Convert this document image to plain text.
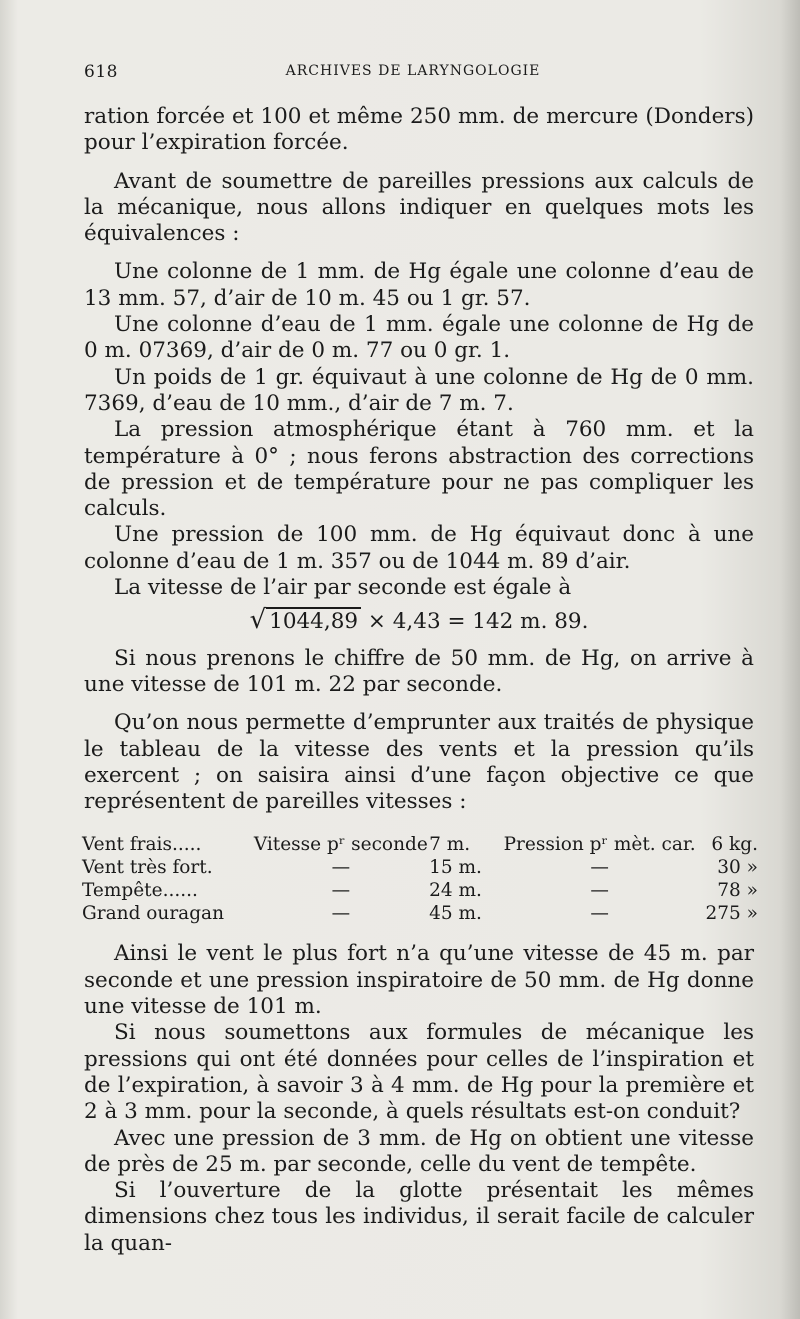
618	ARCHIVES DE LARYNGOLOGIE

ration forcée et 100 et même 250 mm. de mercure (Donders) pour l’expiration forcée.

Avant de soumettre de pareilles pressions aux calculs de la mécanique, nous allons indiquer en quelques mots les équivalences :

Une colonne de 1 mm. de Hg égale une colonne d’eau de 13 mm. 57, d’air de 10 m. 45 ou 1 gr. 57.

Une colonne d’eau de 1 mm. égale une colonne de Hg de 0 m. 07369, d’air de 0 m. 77 ou 0 gr. 1.

Un poids de 1 gr. équivaut à une colonne de Hg de 0 mm. 7369, d’eau de 10 mm., d’air de 7 m. 7.

La pression atmosphérique étant à 760 mm. et la température à 0° ; nous ferons abstraction des corrections de pression et de température pour ne pas compliquer les calculs.

Une pression de 100 mm. de Hg équivaut donc à une colonne d’eau de 1 m. 357 ou de 1044 m. 89 d’air.

La vitesse de l’air par seconde est égale à

√ 1044,89 × 4,43 = 142 m. 89.

Si nous prenons le chiffre de 50 mm. de Hg, on arrive à une vitesse de 101 m. 22 par seconde.

Qu’on nous permette d’emprunter aux traités de physique le tableau de la vitesse des vents et la pression qu’ils exercent ; on saisira ainsi d’une façon objective ce que représentent de pareilles vitesses :

Vent frais.....	Vitesse pʳ seconde	7 m.	Pression pʳ mèt. car.	6 kg.
Vent très fort.	—	15 m.	—	30 »
Tempête......	—	24 m.	—	78 »
Grand ouragan	—	45 m.	—	275 »

Ainsi le vent le plus fort n’a qu’une vitesse de 45 m. par seconde et une pression inspiratoire de 50 mm. de Hg donne une vitesse de 101 m.

Si nous soumettons aux formules de mécanique les pressions qui ont été données pour celles de l’inspiration et de l’expiration, à savoir 3 à 4 mm. de Hg pour la première et 2 à 3 mm. pour la seconde, à quels résultats est-on conduit?

Avec une pression de 3 mm. de Hg on obtient une vitesse de près de 25 m. par seconde, celle du vent de tempête.

Si l’ouverture de la glotte présentait les mêmes dimensions chez tous les individus, il serait facile de calculer la quan-
